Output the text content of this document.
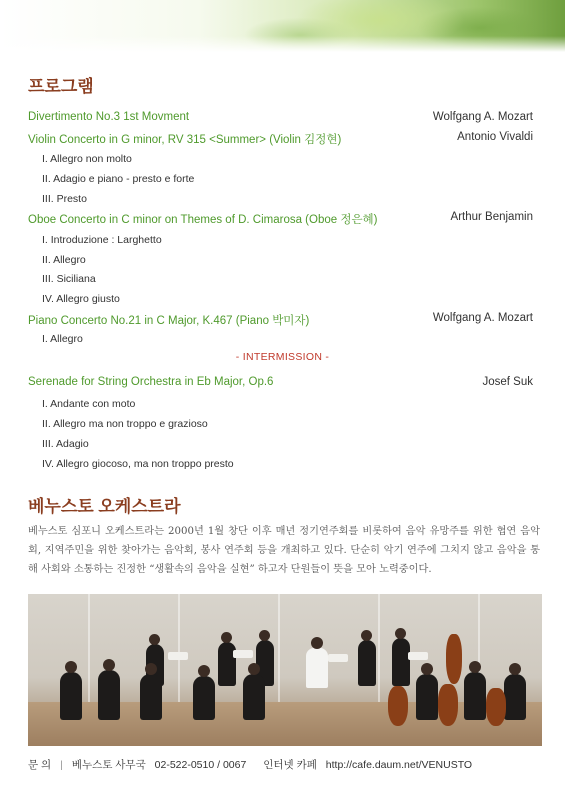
프로그램
Divertimento No.3 1st Movment	Wolfgang A. Mozart
Violin Concerto in G minor, RV 315 <Summer> (Violin 김정현)	Antonio Vivaldi
I. Allegro non molto
II. Adagio e piano - presto e forte
III. Presto
Oboe Concerto in C minor on Themes of D. Cimarosa (Oboe 정은혜)	Arthur Benjamin
I. Introduzione : Larghetto
II. Allegro
III. Siciliana
IV. Allegro giusto
Piano Concerto No.21 in C Major, K.467 (Piano 박미자)	Wolfgang A. Mozart
I. Allegro
- INTERMISSION -
Serenade for String Orchestra in Eb Major, Op.6	Josef Suk
I. Andante con moto
II. Allegro ma non troppo e grazioso
III. Adagio
IV. Allegro giocoso, ma non troppo presto
베누스토 오케스트라
베누스토 심포니 오케스트라는 2000년 1월 창단 이후 매년 정기연주회를 비롯하여 음악 유망주를 위한 협연 음악회, 지역주민을 위한 찾아가는 음악회, 봉사 연주회 등을 개최하고 있다. 단순히 악기 연주에 그치지 않고 음악을 통해 사회와 소통하는 진정한 “생활속의 음악을 실현” 하고자 단원들이 뜻을 모아 노력중이다.
문 의 | 베누스토 사무국 02-522-0510 / 0067 인터넷 카페 http://cafe.daum.net/VENUSTO
